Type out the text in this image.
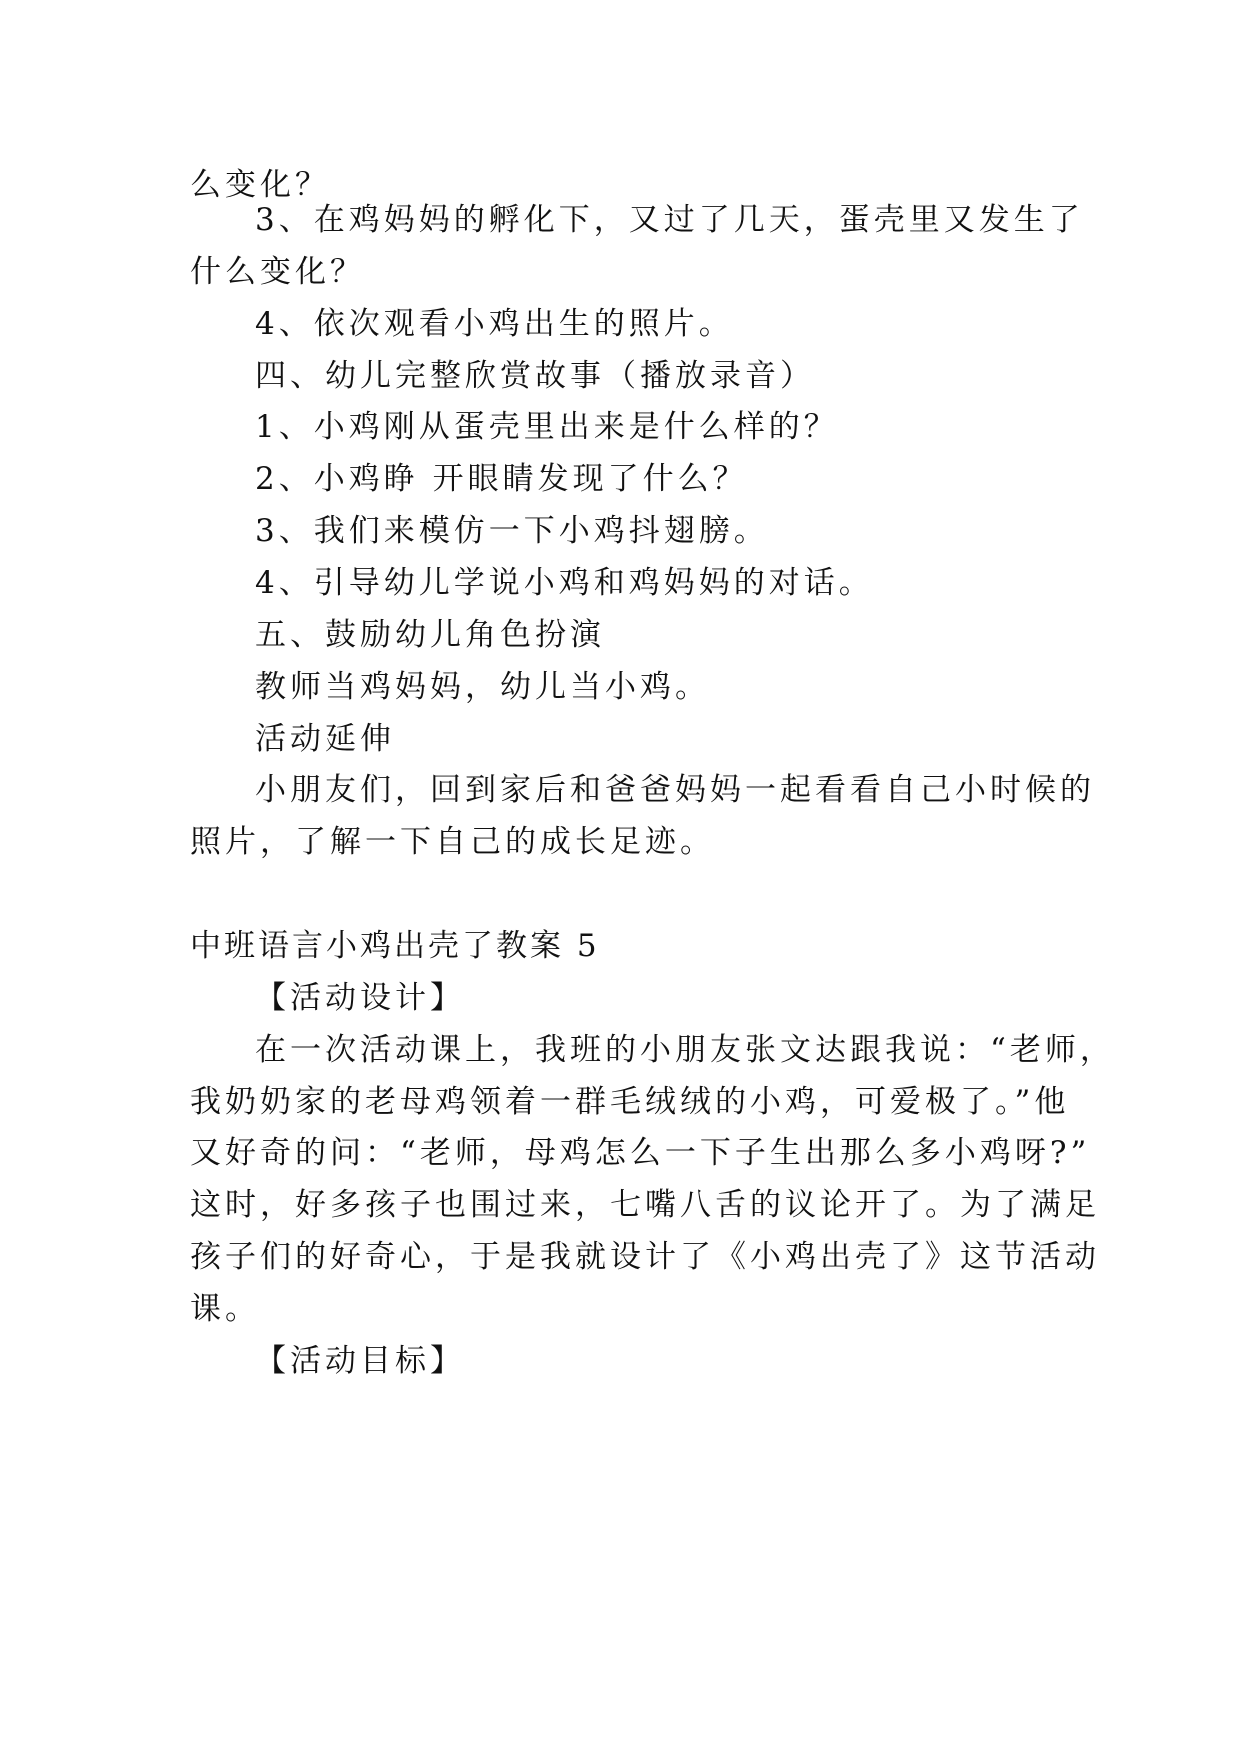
么变化？
3、在鸡妈妈的孵化下，又过了几天，蛋壳里又发生了
什么变化？
4、依次观看小鸡出生的照片。
四、幼儿完整欣赏故事（播放录音）
1、小鸡刚从蛋壳里出来是什么样的？
2、小鸡睁 开眼睛发现了什么？
3、我们来模仿一下小鸡抖翅膀。
4、引导幼儿学说小鸡和鸡妈妈的对话。
五、鼓励幼儿角色扮演
教师当鸡妈妈，幼儿当小鸡。
活动延伸
小朋友们，回到家后和爸爸妈妈一起看看自己小时候的
照片，了解一下自己的成长足迹。
中班语言小鸡出壳了教案 5
【活动设计】
在一次活动课上，我班的小朋友张文达跟我说：“老师，
我奶奶家的老母鸡领着一群毛绒绒的小鸡，可爱极了。”他
又好奇的问：“老师，母鸡怎么一下子生出那么多小鸡呀?”
这时，好多孩子也围过来，七嘴八舌的议论开了。为了满足
孩子们的好奇心，于是我就设计了《小鸡出壳了》这节活动
课。
【活动目标】
